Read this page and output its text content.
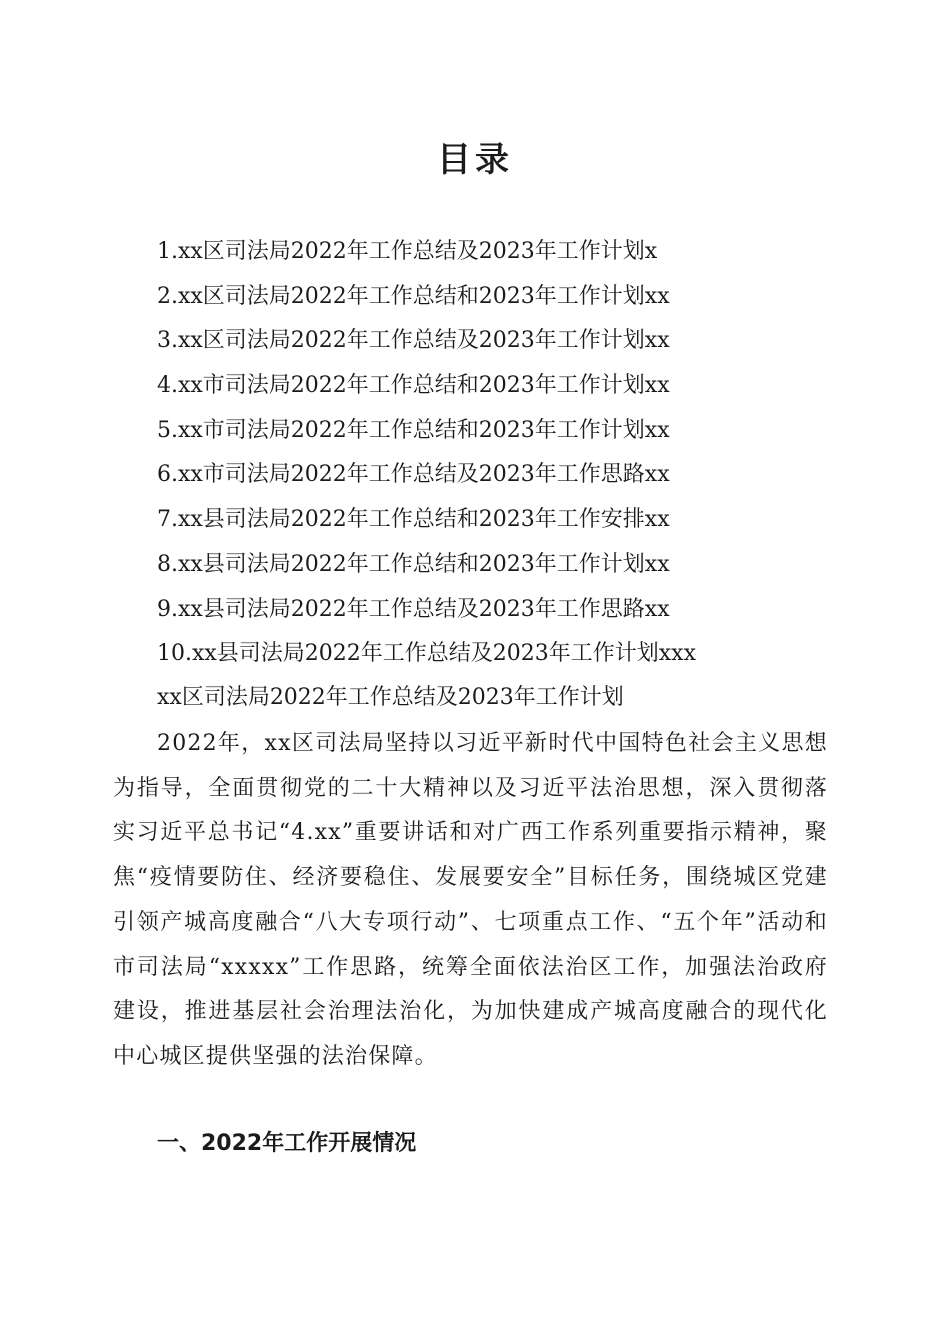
目录
1.xx区司法局2022年工作总结及2023年工作计划x
2.xx区司法局2022年工作总结和2023年工作计划xx
3.xx区司法局2022年工作总结及2023年工作计划xx
4.xx市司法局2022年工作总结和2023年工作计划xx
5.xx市司法局2022年工作总结和2023年工作计划xx
6.xx市司法局2022年工作总结及2023年工作思路xx
7.xx县司法局2022年工作总结和2023年工作安排xx
8.xx县司法局2022年工作总结和2023年工作计划xx
9.xx县司法局2022年工作总结及2023年工作思路xx
10.xx县司法局2022年工作总结及2023年工作计划xxx

xx区司法局2022年工作总结及2023年工作计划

2022年，xx区司法局坚持以习近平新时代中国特色社会主义思想为指导，全面贯彻党的二十大精神以及习近平法治思想，深入贯彻落实习近平总书记“4.xx”重要讲话和对广西工作系列重要指示精神，聚焦“疫情要防住、经济要稳住、发展要安全”目标任务，围绕城区党建引领产城高度融合“八大专项行动”、七项重点工作、“五个年”活动和市司法局“xxxxx”工作思路，统筹全面依法治区工作，加强法治政府建设，推进基层社会治理法治化，为加快建成产城高度融合的现代化中心城区提供坚强的法治保障。

一、2022年工作开展情况
